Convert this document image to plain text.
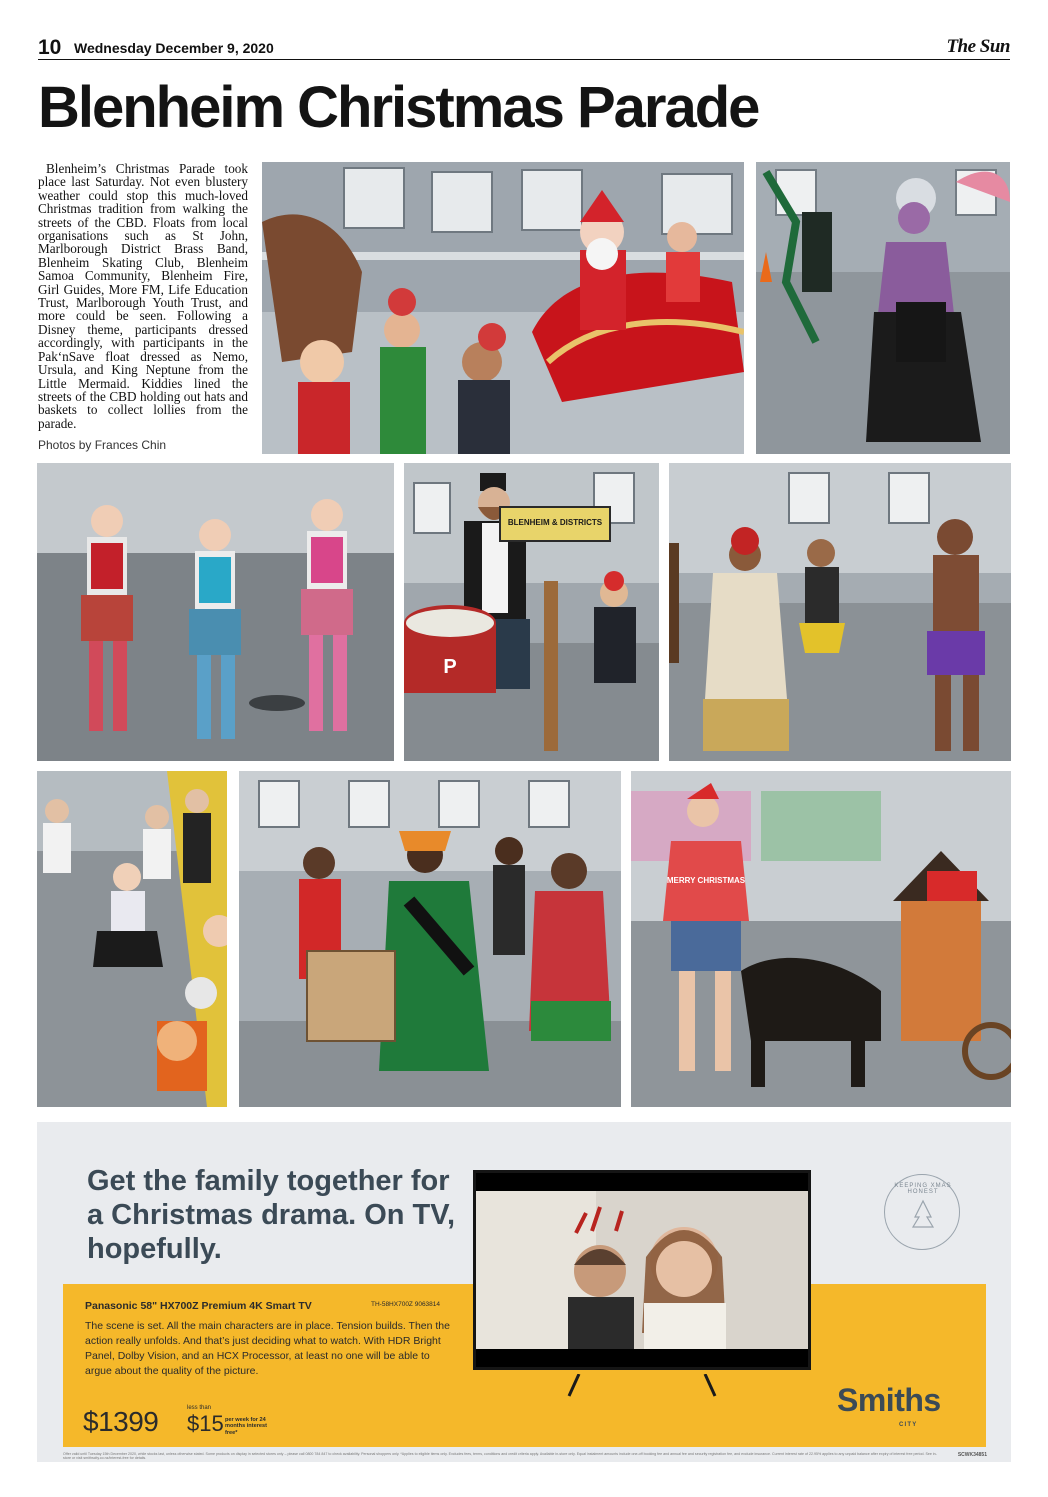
10 Wednesday December 9, 2020	The Sun
Blenheim Christmas Parade

Blenheim’s Christmas Parade took place last Saturday. Not even blustery weather could stop this much-loved Christmas tradition from walking the streets of the CBD. Floats from local organisations such as St John, Marlborough District Brass Band, Blenheim Skating Club, Blenheim Samoa Community, Blenheim Fire, Girl Guides, More FM, Life Education Trust, Marlborough Youth Trust, and more could be seen. Following a Disney theme, participants dressed accordingly, with participants in the Pak‘nSave float dressed as Nemo, Ursula, and King Neptune from the Little Mermaid. Kiddies lined the streets of the CBD holding out hats and baskets to collect lollies from the parade.

Photos by Frances Chin
BLENHEIM & DISTRICTS
P
MERRY CHRISTMAS
Get the family together for a Christmas drama. On TV, hopefully.
KEEPING XMAS HONEST
Panasonic 58" HX700Z Premium 4K Smart TV	TH-58HX700Z 9063814
The scene is set. All the main characters are in place. Tension builds. Then the action really unfolds. And that’s just deciding what to watch. With HDR Bright Panel, Dolby Vision, and an HCX Processor, at least no one will be able to argue about the quality of the picture.
$1399	less than
$15 per week for 24 months interest free*
Smiths
CITY
Offer valid until Tuesday 15th December 2020, while stocks last, unless otherwise stated. Some products on display in selected stores only – please call 0800 784 847 to check availability. Personal shoppers only. *Applies to eligible items only. Excludes fees, terms, conditions and credit criteria apply. Available in-store only. Equal instalment amounts include one-off booking fee and annual fee and security registration fee, and exclude insurance. Current interest rate of 22.95% applies to any unpaid balance after expiry of interest free period. See in-store or visit smithscity.co.nz/interest-free for details.
SCWK34851
